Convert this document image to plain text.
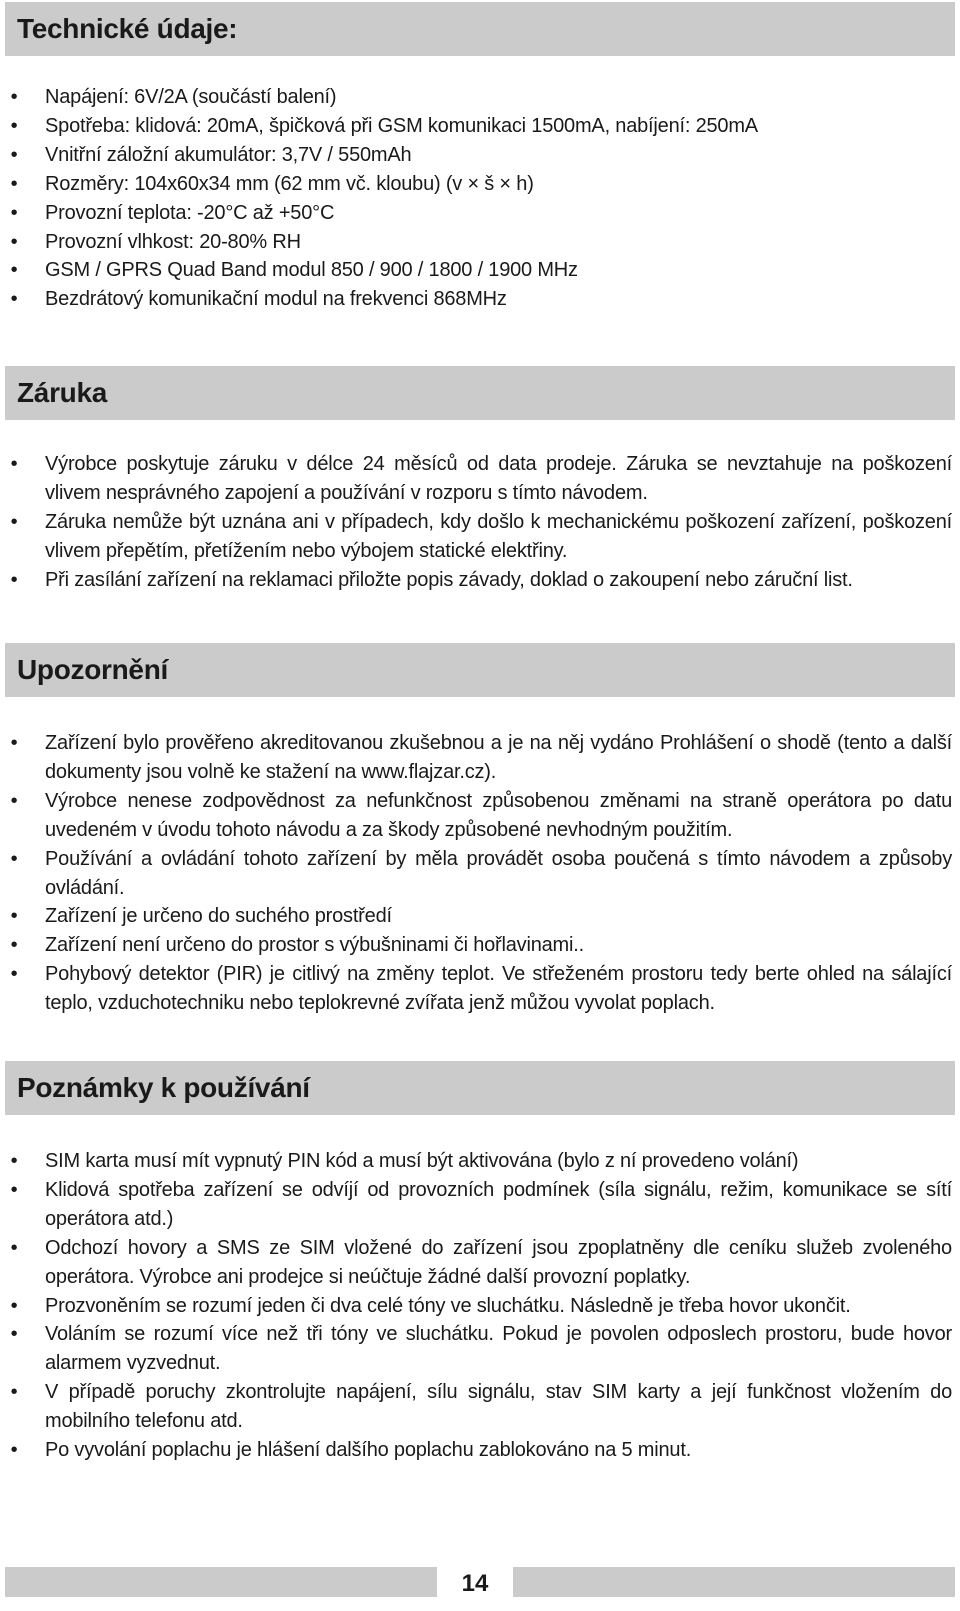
Technické údaje:
• Napájení: 6V/2A (součástí balení)
• Spotřeba: klidová: 20mA, špičková při GSM komunikaci 1500mA, nabíjení: 250mA
• Vnitřní záložní akumulátor: 3,7V / 550mAh
• Rozměry: 104x60x34 mm (62 mm vč. kloubu) (v × š × h)
• Provozní teplota: -20°C až +50°C
• Provozní vlhkost: 20-80% RH
• GSM / GPRS Quad Band modul 850 / 900 / 1800 / 1900 MHz
• Bezdrátový komunikační modul na frekvenci 868MHz
Záruka
• Výrobce poskytuje záruku v délce 24 měsíců od data prodeje. Záruka se nevztahuje na poškození vlivem nesprávného zapojení a používání v rozporu s tímto návodem.
• Záruka nemůže být uznána ani v případech, kdy došlo k mechanickému poškození zařízení, poškození vlivem přepětím, přetížením nebo výbojem statické elektřiny.
• Při zasílání zařízení na reklamaci přiložte popis závady, doklad o zakoupení nebo záruční list.
Upozornění
• Zařízení bylo prověřeno akreditovanou zkušebnou a je na něj vydáno Prohlášení o shodě (tento a další dokumenty jsou volně ke stažení na www.flajzar.cz).
• Výrobce nenese zodpovědnost za nefunkčnost způsobenou změnami na straně operátora po datu uvedeném v úvodu tohoto návodu a za škody způsobené nevhodným použitím.
• Používání a ovládání tohoto zařízení by měla provádět osoba poučená s tímto návodem a způsoby ovládání.
• Zařízení je určeno do suchého prostředí
• Zařízení není určeno do prostor s výbušninami či hořlavinami..
• Pohybový detektor (PIR) je citlivý na změny teplot. Ve střeženém prostoru tedy berte ohled na sálající teplo, vzduchotechniku nebo teplokrevné zvířata jenž můžou vyvolat poplach.
Poznámky k používání
• SIM karta musí mít vypnutý PIN kód a musí být aktivována (bylo z ní provedeno volání)
• Klidová spotřeba zařízení se odvíjí od provozních podmínek (síla signálu, režim, komunikace se sítí operátora atd.)
• Odchozí hovory a SMS ze SIM vložené do zařízení jsou zpoplatněny dle ceníku služeb zvoleného operátora. Výrobce ani prodejce si neúčtuje žádné další provozní poplatky.
• Prozvoněním se rozumí jeden či dva celé tóny ve sluchátku. Následně je třeba hovor ukončit.
• Voláním se rozumí více než tři tóny ve sluchátku. Pokud je povolen odposlech prostoru, bude hovor alarmem vyzvednut.
• V případě poruchy zkontrolujte napájení, sílu signálu, stav SIM karty a její funkčnost vložením do mobilního telefonu atd.
• Po vyvolání poplachu je hlášení dalšího poplachu zablokováno na 5 minut.
14
